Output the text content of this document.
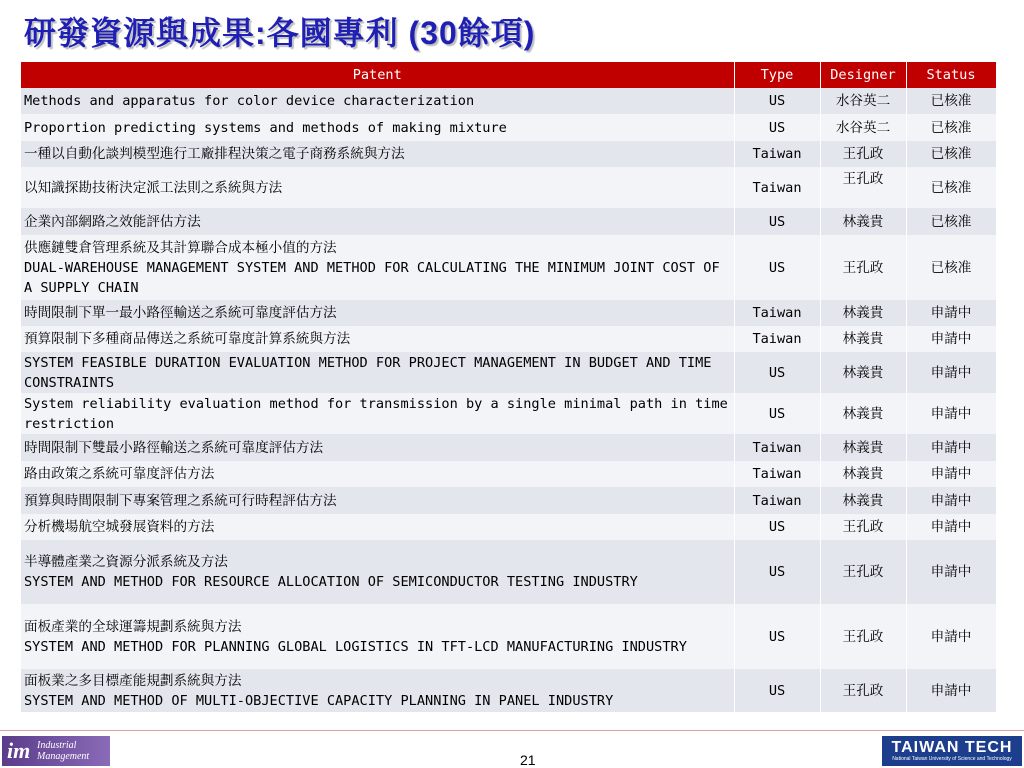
研發資源與成果:各國專利 (30餘項)
Patent	Type	Designer	Status
Methods and apparatus for color device characterization	US	水谷英二	已核准
Proportion predicting systems and methods of making mixture	US	水谷英二	已核准
一種以自動化談判模型進行工廠排程決策之電子商務系統與方法	Taiwan	王孔政	已核准
以知識探勘技術決定派工法則之系統與方法	Taiwan	王孔政	已核准
企業內部網路之效能評估方法	US	林義貴	已核准

供應鏈雙倉管理系統及其計算聯合成本極小值的方法
DUAL-WAREHOUSE MANAGEMENT SYSTEM AND METHOD FOR CALCULATING THE MINIMUM JOINT COST OF A SUPPLY CHAIN	US	王孔政	已核准
時間限制下單一最小路徑輸送之系統可靠度評估方法	Taiwan	林義貴	申請中
預算限制下多種商品傳送之系統可靠度計算系統與方法	Taiwan	林義貴	申請中
SYSTEM FEASIBLE DURATION EVALUATION METHOD FOR PROJECT MANAGEMENT IN BUDGET AND TIME CONSTRAINTS	US	林義貴	申請中
System reliability evaluation method for transmission by a single minimal path in time restriction	US	林義貴	申請中
時間限制下雙最小路徑輸送之系統可靠度評估方法	Taiwan	林義貴	申請中
路由政策之系統可靠度評估方法	Taiwan	林義貴	申請中
預算與時間限制下專案管理之系統可行時程評估方法	Taiwan	林義貴	申請中
分析機場航空城發展資料的方法	US	王孔政	申請中

半導體產業之資源分派系統及方法
SYSTEM AND METHOD FOR RESOURCE ALLOCATION OF SEMICONDUCTOR TESTING INDUSTRY	US	王孔政	申請中

面板產業的全球運籌規劃系統與方法
SYSTEM AND METHOD FOR PLANNING GLOBAL LOGISTICS IN TFT-LCD MANUFACTURING INDUSTRY	US	王孔政	申請中

面板業之多目標產能規劃系統與方法
SYSTEM AND METHOD OF MULTI-OBJECTIVE CAPACITY PLANNING IN PANEL INDUSTRY	US	王孔政	申請中
im Industrial
Management	21
TAIWAN TECH
National Taiwan University of Science and Technology
